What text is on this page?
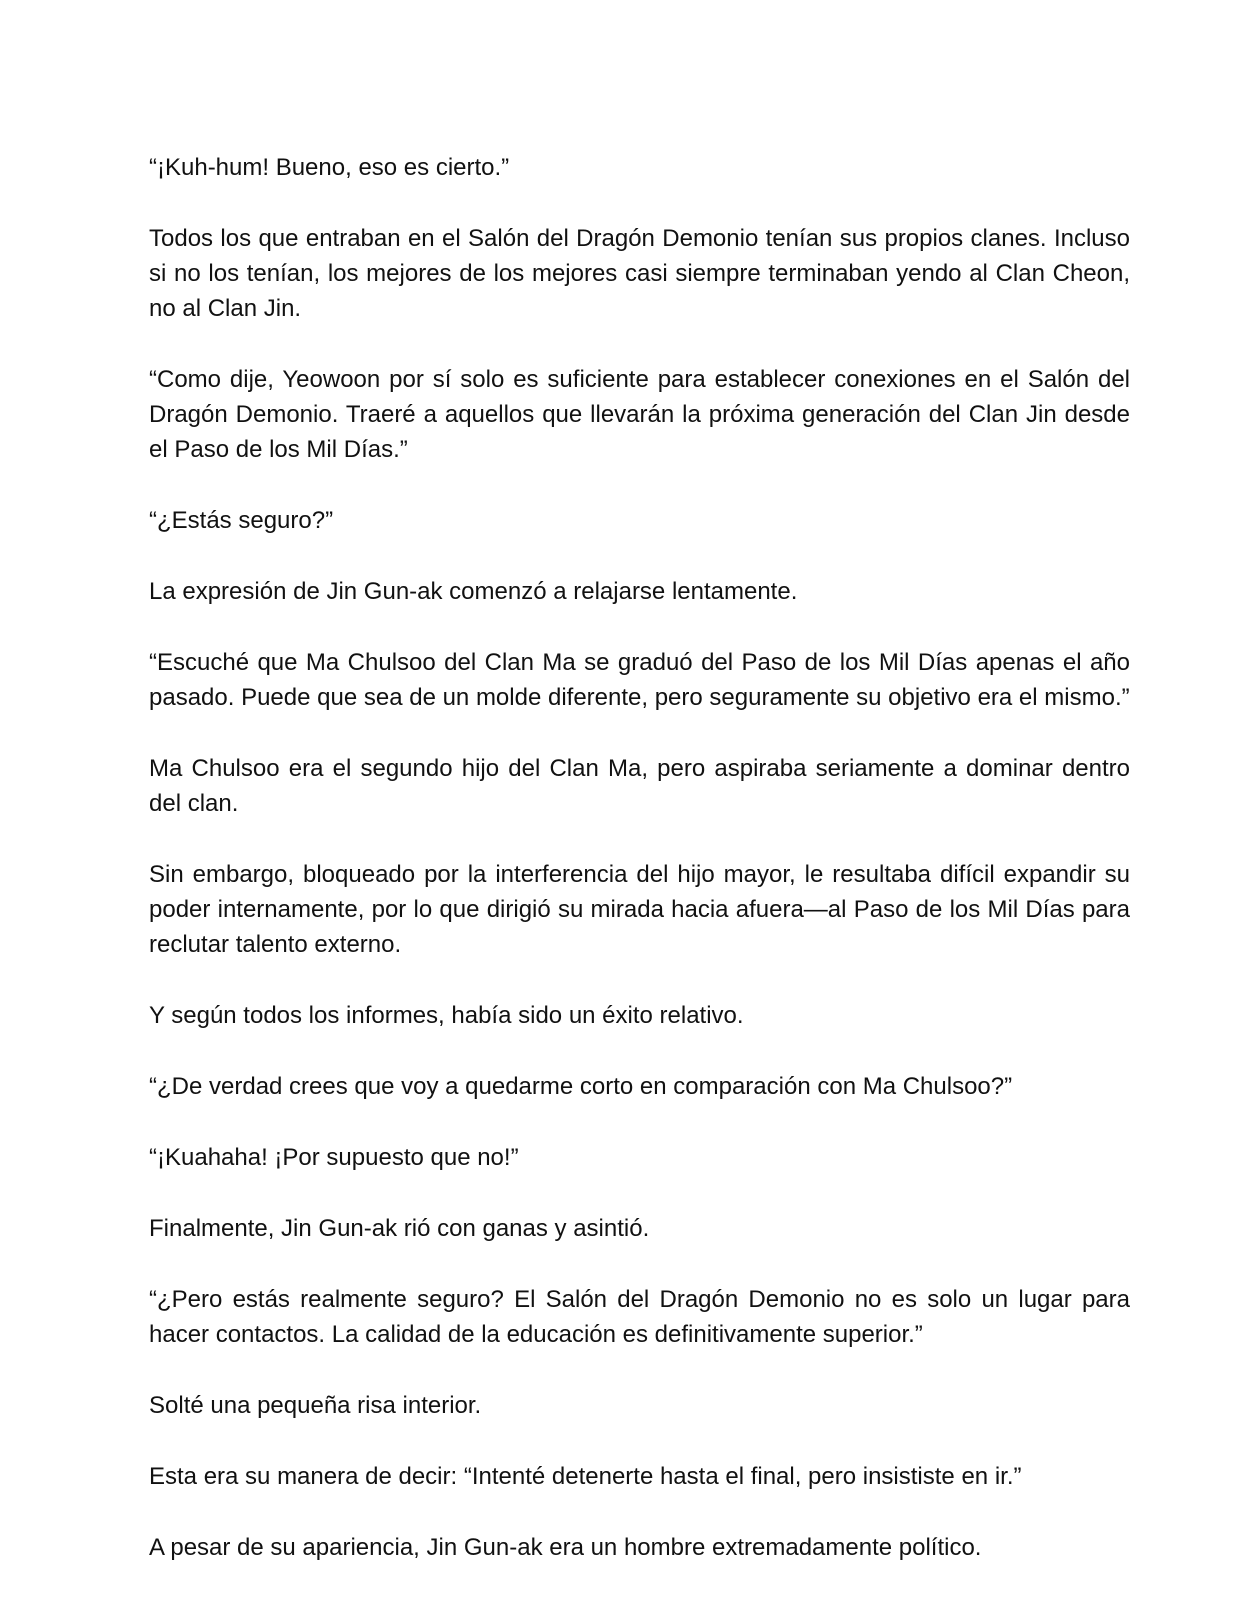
“¡Kuh-hum! Bueno, eso es cierto.”

Todos los que entraban en el Salón del Dragón Demonio tenían sus propios clanes. Incluso si no los tenían, los mejores de los mejores casi siempre terminaban yendo al Clan Cheon, no al Clan Jin.

“Como dije, Yeowoon por sí solo es suficiente para establecer conexiones en el Salón del Dragón Demonio. Traeré a aquellos que llevarán la próxima generación del Clan Jin desde el Paso de los Mil Días.”

“¿Estás seguro?”

La expresión de Jin Gun-ak comenzó a relajarse lentamente.

“Escuché que Ma Chulsoo del Clan Ma se graduó del Paso de los Mil Días apenas el año pasado. Puede que sea de un molde diferente, pero seguramente su objetivo era el mismo.”

Ma Chulsoo era el segundo hijo del Clan Ma, pero aspiraba seriamente a dominar dentro del clan.

Sin embargo, bloqueado por la interferencia del hijo mayor, le resultaba difícil expandir su poder internamente, por lo que dirigió su mirada hacia afuera—al Paso de los Mil Días para reclutar talento externo.

Y según todos los informes, había sido un éxito relativo.

“¿De verdad crees que voy a quedarme corto en comparación con Ma Chulsoo?”

“¡Kuahaha! ¡Por supuesto que no!”

Finalmente, Jin Gun-ak rió con ganas y asintió.

“¿Pero estás realmente seguro? El Salón del Dragón Demonio no es solo un lugar para hacer contactos. La calidad de la educación es definitivamente superior.”

Solté una pequeña risa interior.

Esta era su manera de decir: “Intenté detenerte hasta el final, pero insististe en ir.”

A pesar de su apariencia, Jin Gun-ak era un hombre extremadamente político.
